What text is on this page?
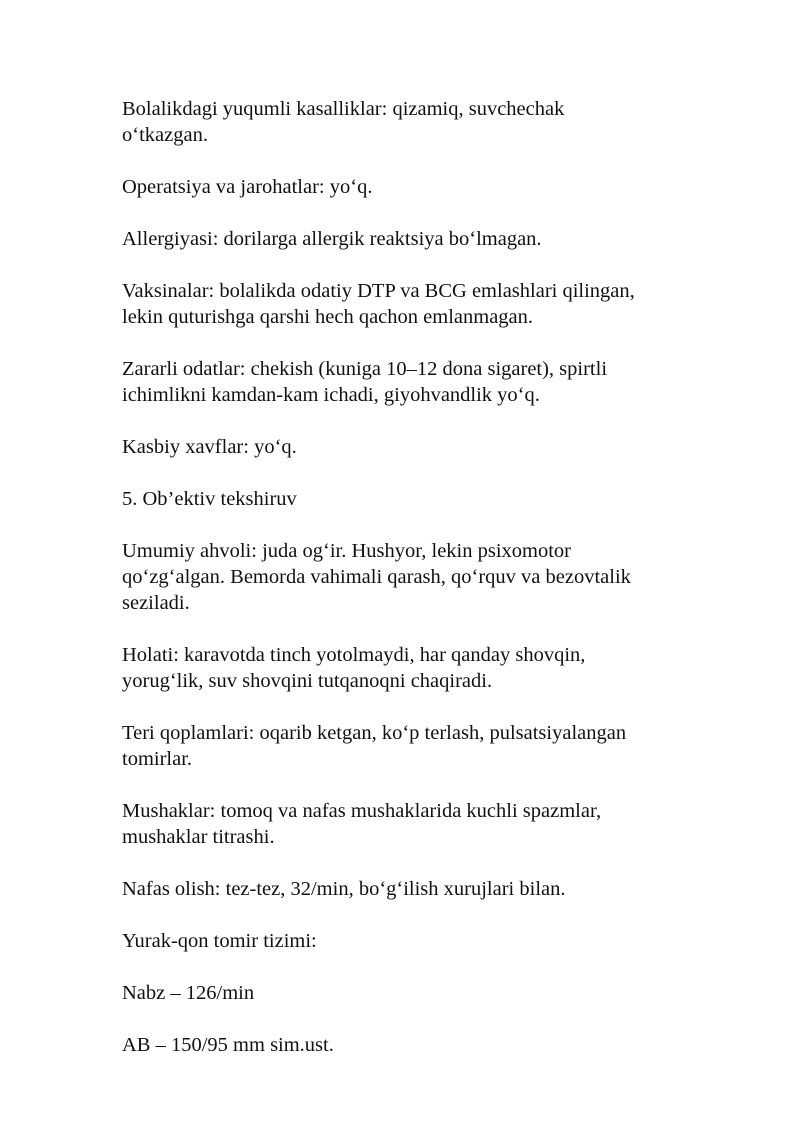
Bolalikdagi yuqumli kasalliklar: qizamiq, suvchechak
o‘tkazgan.

Operatsiya va jarohatlar: yo‘q.

Allergiyasi: dorilarga allergik reaktsiya bo‘lmagan.

Vaksinalar: bolalikda odatiy DTP va BCG emlashlari qilingan,
lekin quturishga qarshi hech qachon emlanmagan.

Zararli odatlar: chekish (kuniga 10–12 dona sigaret), spirtli
ichimlikni kamdan-kam ichadi, giyohvandlik yo‘q.

Kasbiy xavflar: yo‘q.

5. Ob’ektiv tekshiruv

Umumiy ahvoli: juda og‘ir. Hushyor, lekin psixomotor
qo‘zg‘algan. Bemorda vahimali qarash, qo‘rquv va bezovtalik
seziladi.

Holati: karavotda tinch yotolmaydi, har qanday shovqin,
yorug‘lik, suv shovqini tutqanoqni chaqiradi.

Teri qoplamlari: oqarib ketgan, ko‘p terlash, pulsatsiyalangan
tomirlar.

Mushaklar: tomoq va nafas mushaklarida kuchli spazmlar,
mushaklar titrashi.

Nafas olish: tez-tez, 32/min, bo‘g‘ilish xurujlari bilan.

Yurak-qon tomir tizimi:

Nabz – 126/min

AB – 150/95 mm sim.ust.
